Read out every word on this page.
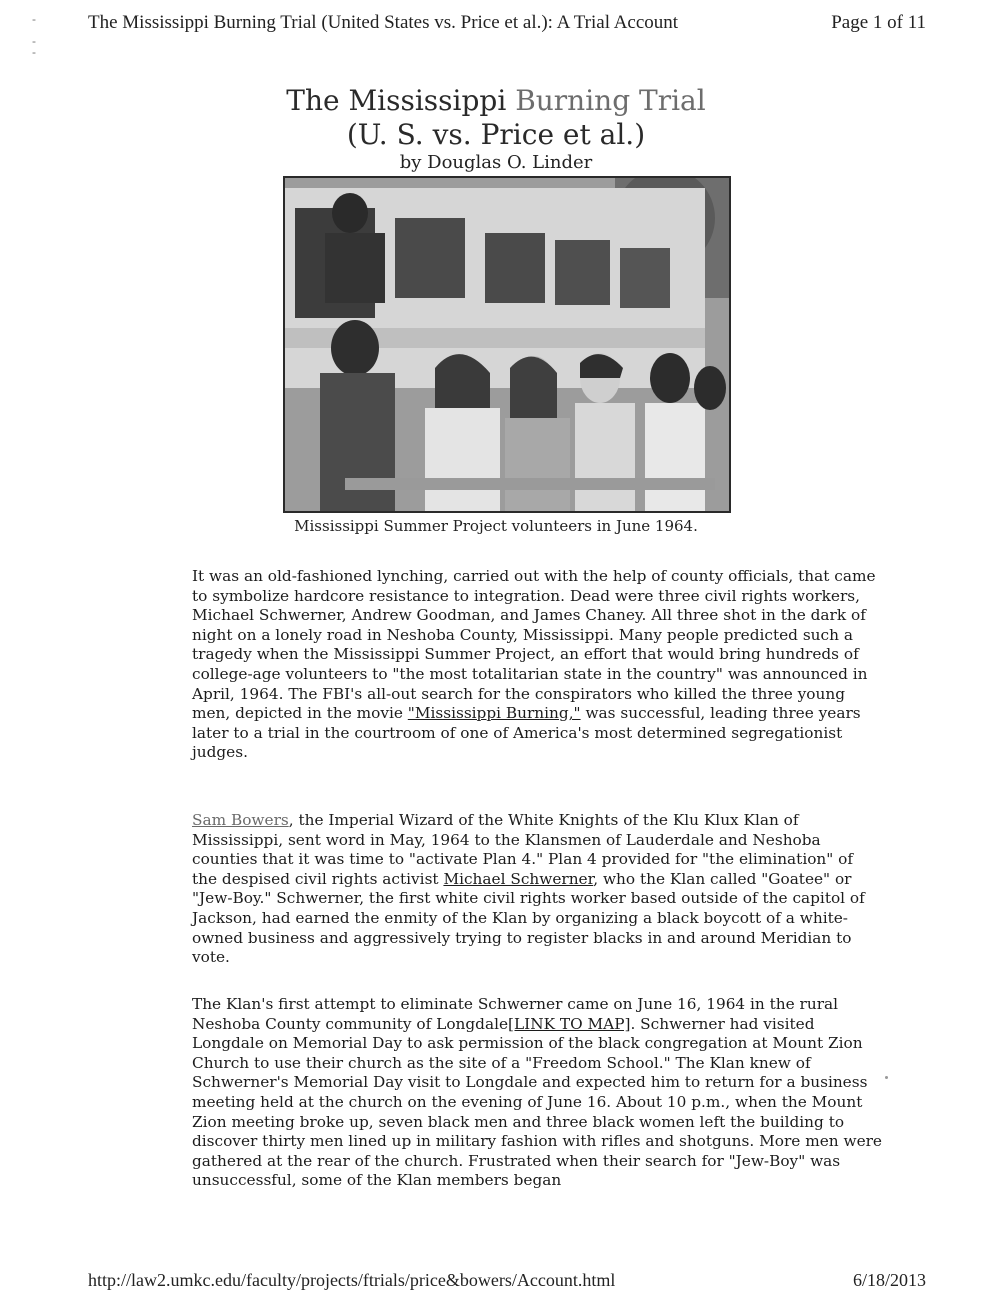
-

-
-
The Mississippi Burning Trial (United States vs. Price et al.): A Trial Account	Page 1 of 11
The Mississippi Burning Trial
(U. S. vs. Price et al.)
by Douglas O. Linder
Mississippi Summer Project volunteers in June 1964.

It was an old-fashioned lynching, carried out with the help of county officials, that came to symbolize hardcore resistance to integration. Dead were three civil rights workers, Michael Schwerner, Andrew Goodman, and James Chaney. All three shot in the dark of night on a lonely road in Neshoba County, Mississippi. Many people predicted such a tragedy when the Mississippi Summer Project, an effort that would bring hundreds of college-age volunteers to "the most totalitarian state in the country" was announced in April, 1964. The FBI's all-out search for the conspirators who killed the three young men, depicted in the movie "Mississippi Burning," was successful, leading three years later to a trial in the courtroom of one of America's most determined segregationist judges.

Sam Bowers, the Imperial Wizard of the White Knights of the Klu Klux Klan of Mississippi, sent word in May, 1964 to the Klansmen of Lauderdale and Neshoba counties that it was time to "activate Plan 4." Plan 4 provided for "the elimination" of the despised civil rights activist Michael Schwerner, who the Klan called "Goatee" or "Jew-Boy." Schwerner, the first white civil rights worker based outside of the capitol of Jackson, had earned the enmity of the Klan by organizing a black boycott of a white-owned business and aggressively trying to register blacks in and around Meridian to vote.

The Klan's first attempt to eliminate Schwerner came on June 16, 1964 in the rural Neshoba County community of Longdale[LINK TO MAP]. Schwerner had visited Longdale on Memorial Day to ask permission of the black congregation at Mount Zion Church to use their church as the site of a "Freedom School." The Klan knew of Schwerner's Memorial Day visit to Longdale and expected him to return for a business meeting held at the church on the evening of June 16. About 10 p.m., when the Mount Zion meeting broke up, seven black men and three black women left the building to discover thirty men lined up in military fashion with rifles and shotguns. More men were gathered at the rear of the church. Frustrated when their search for "Jew-Boy" was unsuccessful, some of the Klan members began

http://law2.umkc.edu/faculty/projects/ftrials/price&bowers/Account.html	6/18/2013
